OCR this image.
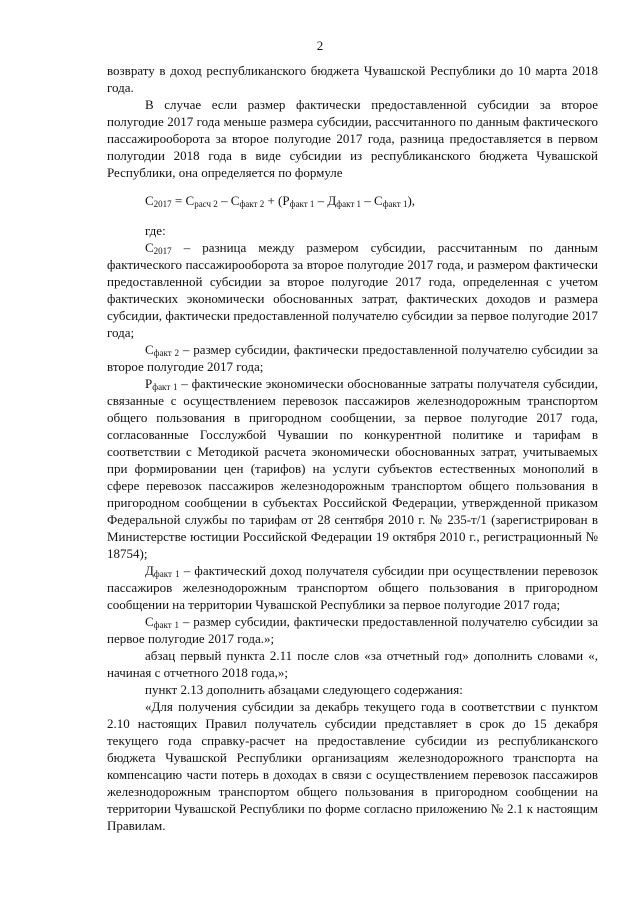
2

возврату в доход республиканского бюджета Чувашской Республики до 10 марта 2018 года.

В случае если размер фактически предоставленной субсидии за второе полугодие 2017 года меньше размера субсидии, рассчитанного по данным фактического пассажирооборота за второе полугодие 2017 года, разница предоставляется в первом полугодии 2018 года в виде субсидии из республиканского бюджета Чувашской Республики, она определяется по формуле

$С_{2017} = С_{расч 2} - С_{факт 2} + (Р_{факт 1} - Д_{факт 1} - С_{факт 1})$,

где:

$С_{2017}$ – разница между размером субсидии, рассчитанным по данным фактического пассажирооборота за второе полугодие 2017 года, и размером фактически предоставленной субсидии за второе полугодие 2017 года, определенная с учетом фактических экономически обоснованных затрат, фактических доходов и размера субсидии, фактически предоставленной получателю субсидии за первое полугодие 2017 года;

$С_{факт 2}$ – размер субсидии, фактически предоставленной получателю субсидии за второе полугодие 2017 года;

$Р_{факт 1}$ – фактические экономически обоснованные затраты получателя субсидии, связанные с осуществлением перевозок пассажиров железнодорожным транспортом общего пользования в пригородном сообщении, за первое полугодие 2017 года, согласованные Госслужбой Чувашии по конкурентной политике и тарифам в соответствии с Методикой расчета экономически обоснованных затрат, учитываемых при формировании цен (тарифов) на услуги субъектов естественных монополий в сфере перевозок пассажиров железнодорожным транспортом общего пользования в пригородном сообщении в субъектах Российской Федерации, утвержденной приказом Федеральной службы по тарифам от 28 сентября 2010 г. № 235-т/1 (зарегистрирован в Министерстве юстиции Российской Федерации 19 октября 2010 г., регистрационный № 18754);

$Д_{факт 1}$ – фактический доход получателя субсидии при осуществлении перевозок пассажиров железнодорожным транспортом общего пользования в пригородном сообщении на территории Чувашской Республики за первое полугодие 2017 года;

$С_{факт 1}$ – размер субсидии, фактически предоставленной получателю субсидии за первое полугодие 2017 года.»;

абзац первый пункта 2.11 после слов «за отчетный год» дополнить словами «, начиная с отчетного 2018 года,»;

пункт 2.13 дополнить абзацами следующего содержания:

«Для получения субсидии за декабрь текущего года в соответствии с пунктом 2.10 настоящих Правил получатель субсидии представляет в срок до 15 декабря текущего года справку-расчет на предоставление субсидии из республиканского бюджета Чувашской Республики организациям железнодорожного транспорта на компенсацию части потерь в доходах в связи с осуществлением перевозок пассажиров железнодорожным транспортом общего пользования в пригородном сообщении на территории Чувашской Республики по форме согласно приложению № 2.1 к настоящим Правилам.
